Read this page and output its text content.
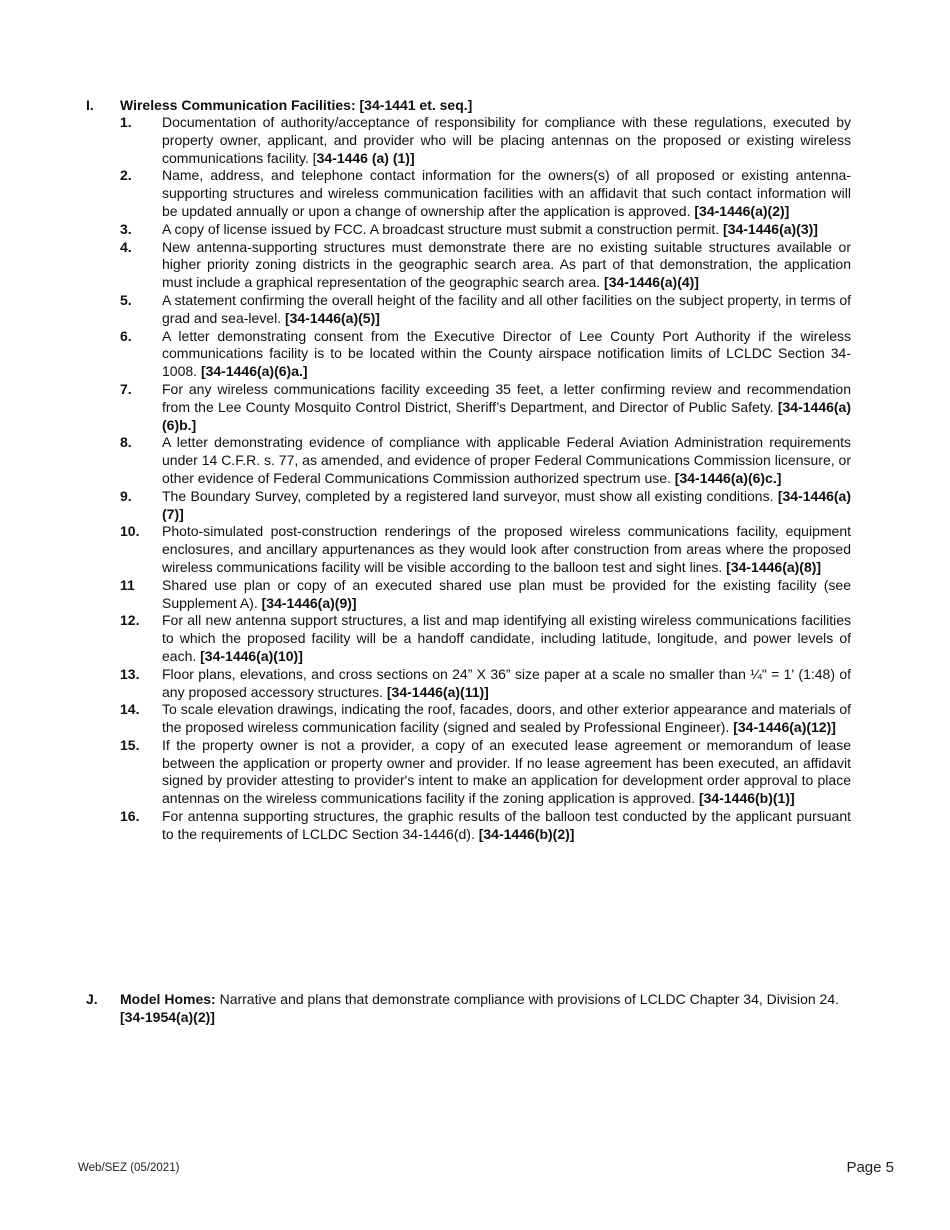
I. Wireless Communication Facilities: [34-1441 et. seq.]
1. Documentation of authority/acceptance of responsibility for compliance with these regulations, executed by property owner, applicant, and provider who will be placing antennas on the proposed or existing wireless communications facility. [34-1446 (a) (1)]
2. Name, address, and telephone contact information for the owners(s) of all proposed or existing antenna-supporting structures and wireless communication facilities with an affidavit that such contact information will be updated annually or upon a change of ownership after the application is approved. [34-1446(a)(2)]
3. A copy of license issued by FCC. A broadcast structure must submit a construction permit. [34-1446(a)(3)]
4. New antenna-supporting structures must demonstrate there are no existing suitable structures available or higher priority zoning districts in the geographic search area. As part of that demonstration, the application must include a graphical representation of the geographic search area. [34-1446(a)(4)]
5. A statement confirming the overall height of the facility and all other facilities on the subject property, in terms of grad and sea-level. [34-1446(a)(5)]
6. A letter demonstrating consent from the Executive Director of Lee County Port Authority if the wireless communications facility is to be located within the County airspace notification limits of LCLDC Section 34-1008. [34-1446(a)(6)a.]
7. For any wireless communications facility exceeding 35 feet, a letter confirming review and recommendation from the Lee County Mosquito Control District, Sheriff’s Department, and Director of Public Safety. [34-1446(a)(6)b.]
8. A letter demonstrating evidence of compliance with applicable Federal Aviation Administration requirements under 14 C.F.R. s. 77, as amended, and evidence of proper Federal Communications Commission licensure, or other evidence of Federal Communications Commission authorized spectrum use. [34-1446(a)(6)c.]
9. The Boundary Survey, completed by a registered land surveyor, must show all existing conditions. [34-1446(a)(7)]
10. Photo-simulated post-construction renderings of the proposed wireless communications facility, equipment enclosures, and ancillary appurtenances as they would look after construction from areas where the proposed wireless communications facility will be visible according to the balloon test and sight lines. [34-1446(a)(8)]
11 Shared use plan or copy of an executed shared use plan must be provided for the existing facility (see Supplement A). [34-1446(a)(9)]
12. For all new antenna support structures, a list and map identifying all existing wireless communications facilities to which the proposed facility will be a handoff candidate, including latitude, longitude, and power levels of each. [34-1446(a)(10)]
13. Floor plans, elevations, and cross sections on 24” X 36” size paper at a scale no smaller than ¼" = 1' (1:48) of any proposed accessory structures. [34-1446(a)(11)]
14. To scale elevation drawings, indicating the roof, facades, doors, and other exterior appearance and materials of the proposed wireless communication facility (signed and sealed by Professional Engineer). [34-1446(a)(12)]
15. If the property owner is not a provider, a copy of an executed lease agreement or memorandum of lease between the application or property owner and provider. If no lease agreement has been executed, an affidavit signed by provider attesting to provider's intent to make an application for development order approval to place antennas on the wireless communications facility if the zoning application is approved. [34-1446(b)(1)]
16. For antenna supporting structures, the graphic results of the balloon test conducted by the applicant pursuant to the requirements of LCLDC Section 34-1446(d). [34-1446(b)(2)]
J. Model Homes: Narrative and plans that demonstrate compliance with provisions of LCLDC Chapter 34, Division 24. [34-1954(a)(2)]
Web/SEZ (05/2021)	Page 5
